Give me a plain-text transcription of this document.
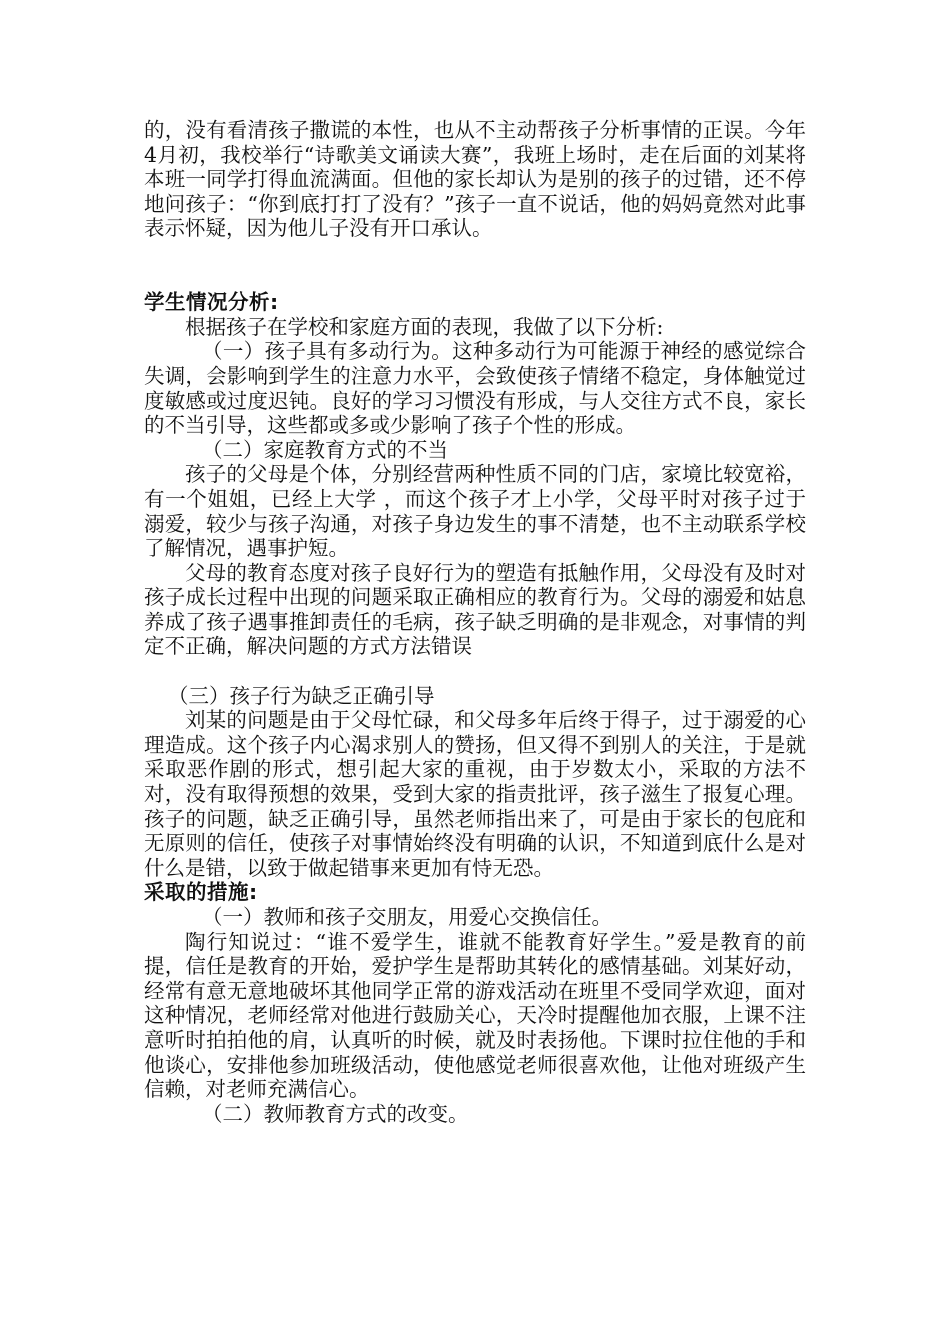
的，没有看清孩子撒谎的本性，也从不主动帮孩子分析事情的正误。今年4月初，我校举行“诗歌美文诵读大赛”，我班上场时，走在后面的刘某将本班一同学打得血流满面。但他的家长却认为是别的孩子的过错，还不停地问孩子：“你到底打打了没有？”孩子一直不说话，他的妈妈竟然对此事表示怀疑，因为他儿子没有开口承认。

学生情况分析:

根据孩子在学校和家庭方面的表现，我做了以下分析:

（一）孩子具有多动行为。这种多动行为可能源于神经的感觉综合失调，会影响到学生的注意力水平，会致使孩子情绪不稳定，身体触觉过度敏感或过度迟钝。良好的学习习惯没有形成，与人交往方式不良，家长的不当引导，这些都或多或少影响了孩子个性的形成。

（二）家庭教育方式的不当

孩子的父母是个体，分别经营两种性质不同的门店，家境比较宽裕，有一个姐姐，已经上大学 ，而这个孩子才上小学，父母平时对孩子过于溺爱，较少与孩子沟通，对孩子身边发生的事不清楚，也不主动联系学校了解情况，遇事护短。

父母的教育态度对孩子良好行为的塑造有抵触作用，父母没有及时对孩子成长过程中出现的问题采取正确相应的教育行为。父母的溺爱和姑息养成了孩子遇事推卸责任的毛病，孩子缺乏明确的是非观念，对事情的判定不正确，解决问题的方式方法错误

（三）孩子行为缺乏正确引导

刘某的问题是由于父母忙碌，和父母多年后终于得子，过于溺爱的心理造成。这个孩子内心渴求别人的赞扬，但又得不到别人的关注，于是就采取恶作剧的形式，想引起大家的重视，由于岁数太小，采取的方法不对，没有取得预想的效果，受到大家的指责批评，孩子滋生了报复心理。孩子的问题，缺乏正确引导，虽然老师指出来了，可是由于家长的包庇和无原则的信任，使孩子对事情始终没有明确的认识，不知道到底什么是对什么是错，以致于做起错事来更加有恃无恐。

采取的措施:

（一）教师和孩子交朋友，用爱心交换信任。

陶行知说过：“谁不爱学生，谁就不能教育好学生。”爱是教育的前提，信任是教育的开始，爱护学生是帮助其转化的感情基础。刘某好动，经常有意无意地破坏其他同学正常的游戏活动在班里不受同学欢迎，面对这种情况，老师经常对他进行鼓励关心，天冷时提醒他加衣服，上课不注意听时拍拍他的肩，认真听的时候，就及时表扬他。下课时拉住他的手和他谈心，安排他参加班级活动，使他感觉老师很喜欢他，让他对班级产生信赖，对老师充满信心。

（二）教师教育方式的改变。
